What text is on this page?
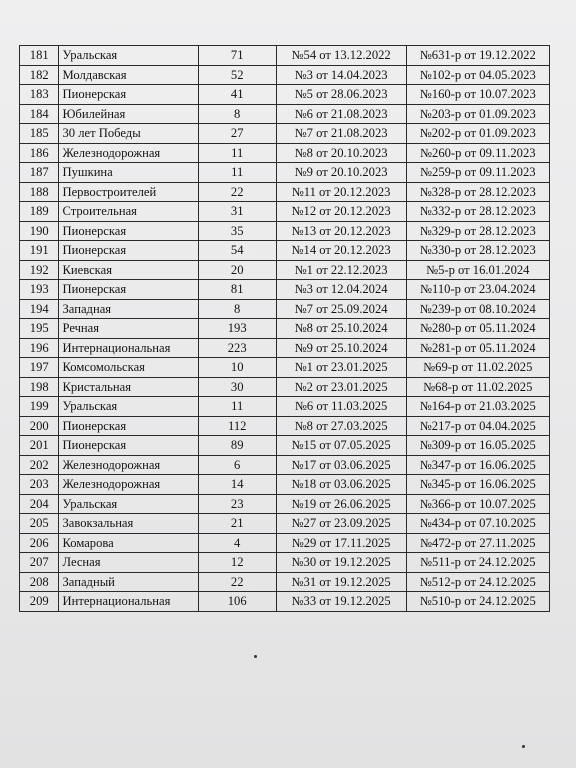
181	Уральская	71	№54 от 13.12.2022	№631-р от 19.12.2022
182	Молдавская	52	№3 от 14.04.2023	№102-р от 04.05.2023
183	Пионерская	41	№5 от 28.06.2023	№160-р от 10.07.2023
184	Юбилейная	8	№6 от 21.08.2023	№203-р от 01.09.2023
185	30 лет Победы	27	№7 от 21.08.2023	№202-р от 01.09.2023
186	Железнодорожная	11	№8 от 20.10.2023	№260-р от 09.11.2023
187	Пушкина	11	№9 от 20.10.2023	№259-р от 09.11.2023
188	Первостроителей	22	№11 от 20.12.2023	№328-р от 28.12.2023
189	Строительная	31	№12 от 20.12.2023	№332-р от 28.12.2023
190	Пионерская	35	№13 от 20.12.2023	№329-р от 28.12.2023
191	Пионерская	54	№14 от 20.12.2023	№330-р от 28.12.2023
192	Киевская	20	№1 от 22.12.2023	№5-р от 16.01.2024
193	Пионерская	81	№3 от 12.04.2024	№110-р от 23.04.2024
194	Западная	8	№7 от 25.09.2024	№239-р от 08.10.2024
195	Речная	193	№8 от 25.10.2024	№280-р от 05.11.2024
196	Интернациональная	223	№9 от 25.10.2024	№281-р от 05.11.2024
197	Комсомольская	10	№1 от 23.01.2025	№69-р от 11.02.2025
198	Кристальная	30	№2 от 23.01.2025	№68-р от 11.02.2025
199	Уральская	11	№6 от 11.03.2025	№164-р от 21.03.2025
200	Пионерская	112	№8 от 27.03.2025	№217-р от 04.04.2025
201	Пионерская	89	№15 от 07.05.2025	№309-р от 16.05.2025
202	Железнодорожная	6	№17 от 03.06.2025	№347-р от 16.06.2025
203	Железнодорожная	14	№18 от 03.06.2025	№345-р от 16.06.2025
204	Уральская	23	№19 от 26.06.2025	№366-р от 10.07.2025
205	Завокзальная	21	№27 от 23.09.2025	№434-р от 07.10.2025
206	Комарова	4	№29 от 17.11.2025	№472-р от 27.11.2025
207	Лесная	12	№30 от 19.12.2025	№511-р от 24.12.2025
208	Западный	22	№31 от 19.12.2025	№512-р от 24.12.2025
209	Интернациональная	106	№33 от 19.12.2025	№510-р от 24.12.2025
